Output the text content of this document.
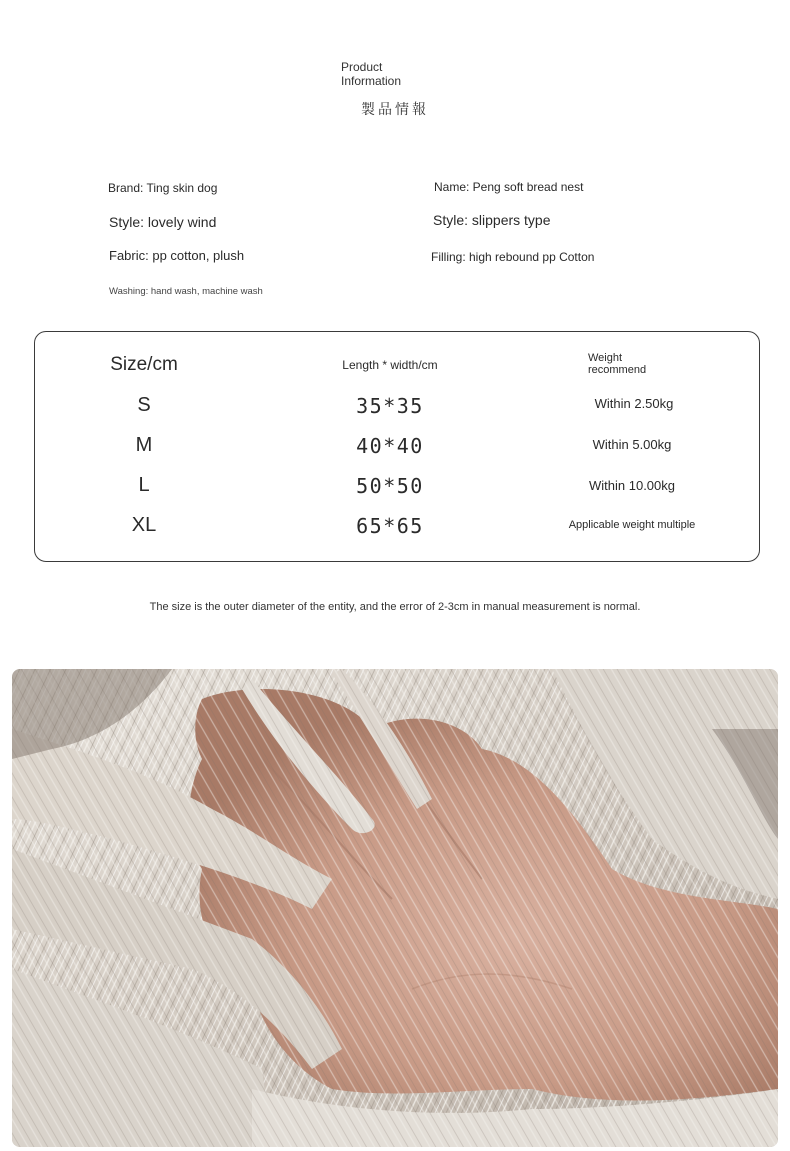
Product
Information
製品情報
Brand: Ting skin dog	Name: Peng soft bread nest
Style: lovely wind	Style: slippers type
Fabric: pp cotton, plush	Filling: high rebound pp Cotton
Washing: hand wash, machine wash
Size/cm	Length * width/cm	Weight
recommend
S	35*35	Within 2.50kg
M	40*40	Within 5.00kg
L	50*50	Within 10.00kg
XL	65*65	Applicable weight multiple
The size is the outer diameter of the entity, and the error of 2-3cm in manual measurement is normal.
